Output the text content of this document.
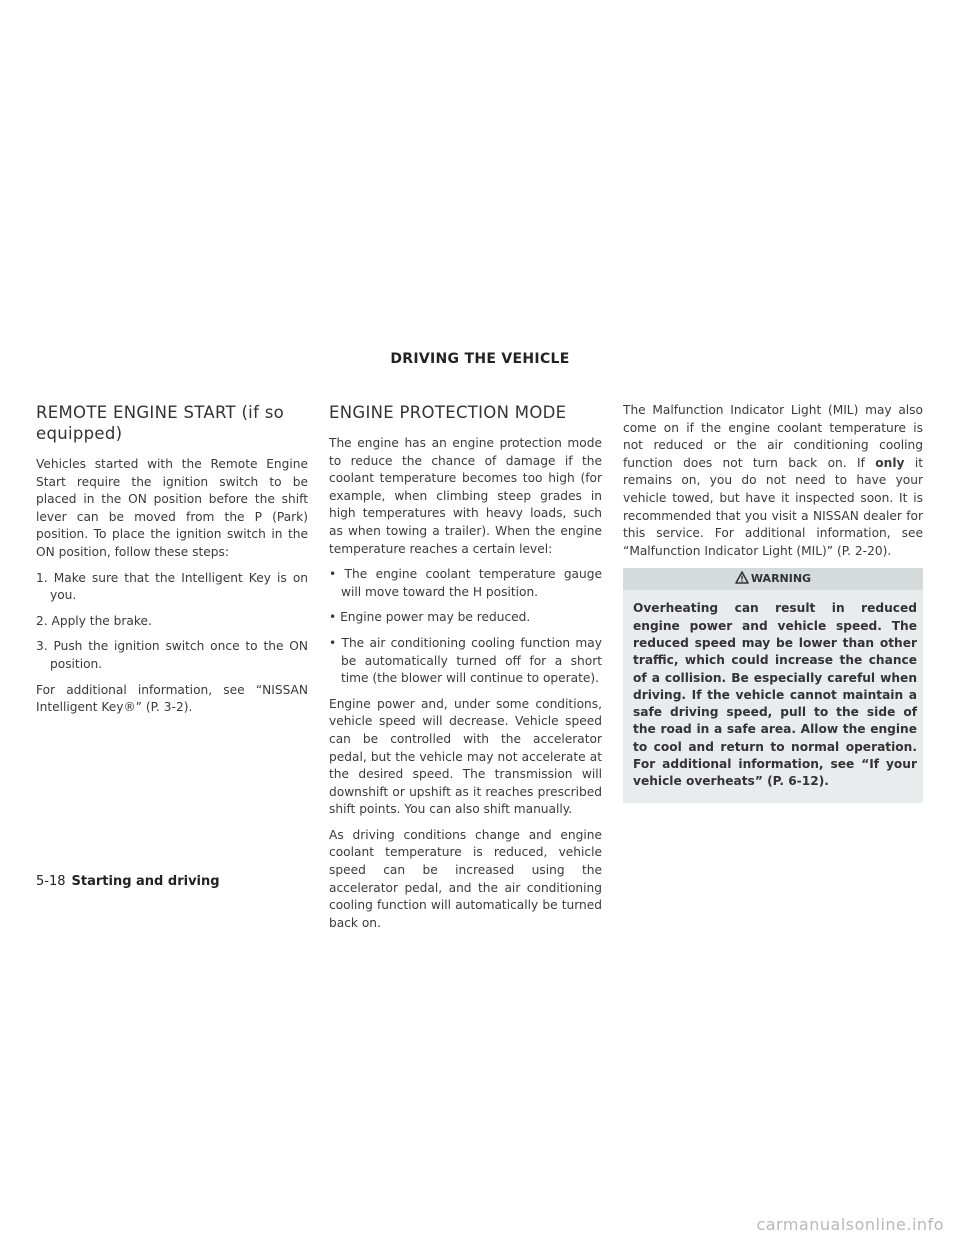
DRIVING THE VEHICLE
REMOTE ENGINE START (if so equipped)

Vehicles started with the Remote Engine Start require the ignition switch to be placed in the ON position before the shift lever can be moved from the P (Park) position. To place the ignition switch in the ON position, follow these steps:

1. Make sure that the Intelligent Key is on you.
2. Apply the brake.
3. Push the ignition switch once to the ON position.

For additional information, see “NISSAN Intelligent Key®” (P. 3-2).

ENGINE PROTECTION MODE

The engine has an engine protection mode to reduce the chance of damage if the coolant temperature becomes too high (for example, when climbing steep grades in high temperatures with heavy loads, such as when towing a trailer). When the engine temperature reaches a certain level:

• The engine coolant temperature gauge will move toward the H position.
• Engine power may be reduced.
• The air conditioning cooling function may be automatically turned off for a short time (the blower will continue to operate).

Engine power and, under some conditions, vehicle speed will decrease. Vehicle speed can be controlled with the accelerator pedal, but the vehicle may not accelerate at the desired speed. The transmission will downshift or upshift as it reaches prescribed shift points. You can also shift manually.

As driving conditions change and engine coolant temperature is reduced, vehicle speed can be increased using the accelerator pedal, and the air conditioning cooling function will automatically be turned back on.

The Malfunction Indicator Light (MIL) may also come on if the engine coolant temperature is not reduced or the air conditioning cooling function does not turn back on. If only it remains on, you do not need to have your vehicle towed, but have it inspected soon. It is recommended that you visit a NISSAN dealer for this service. For additional information, see “Malfunction Indicator Light (MIL)” (P. 2-20).

WARNING
Overheating can result in reduced engine power and vehicle speed. The reduced speed may be lower than other traffic, which could increase the chance of a collision. Be especially careful when driving. If the vehicle cannot maintain a safe driving speed, pull to the side of the road in a safe area. Allow the engine to cool and return to normal operation. For additional information, see “If your vehicle overheats” (P. 6-12).
5-18 Starting and driving
carmanualsonline.info
